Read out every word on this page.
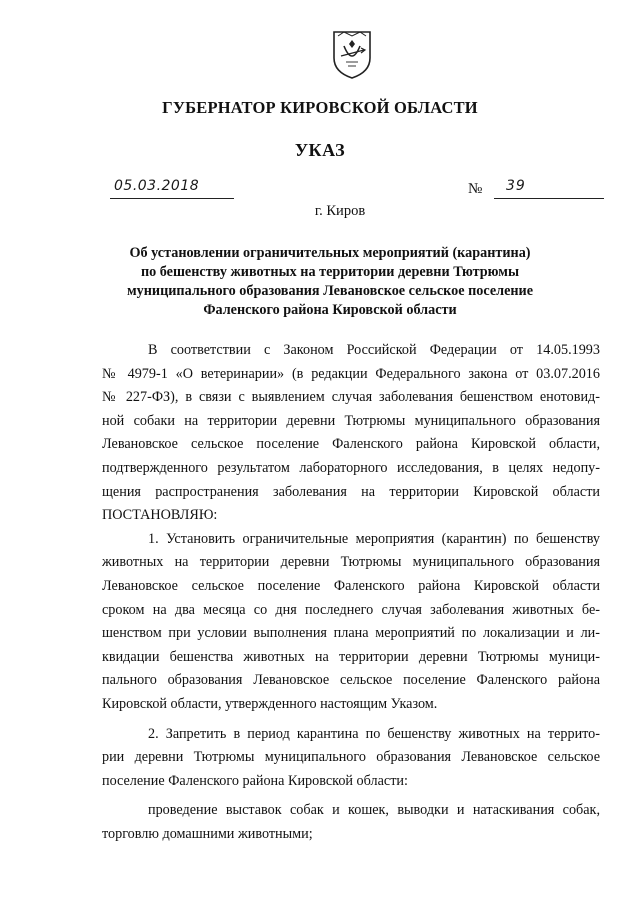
ГУБЕРНАТОР КИРОВСКОЙ ОБЛАСТИ
УКАЗ
05.03.2018	№ 39
г. Киров
Об установлении ограничительных мероприятий (карантина)
по бешенству животных на территории деревни Тютрюмы
муниципального образования Левановское сельское поселение
Фаленского района Кировской области
В соответствии с Законом Российской Федерации от 14.05.1993
№ 4979-1 «О ветеринарии» (в редакции Федерального закона от 03.07.2016
№ 227-ФЗ), в связи с выявлением случая заболевания бешенством енотовид-
ной собаки на территории деревни Тютрюмы муниципального образования
Левановское сельское поселение Фаленского района Кировской области,
подтвержденного результатом лабораторного исследования, в целях недопу-
щения распространения заболевания на территории Кировской области
ПОСТАНОВЛЯЮ:
1. Установить ограничительные мероприятия (карантин) по бешенству
животных на территории деревни Тютрюмы муниципального образования
Левановское сельское поселение Фаленского района Кировской области
сроком на два месяца со дня последнего случая заболевания животных бе-
шенством при условии выполнения плана мероприятий по локализации и ли-
квидации бешенства животных на территории деревни Тютрюмы муници-
пального образования Левановское сельское поселение Фаленского района
Кировской области, утвержденного настоящим Указом.
2. Запретить в период карантина по бешенству животных на террито-
рии деревни Тютрюмы муниципального образования Левановское сельское
поселение Фаленского района Кировской области:
проведение выставок собак и кошек, выводки и натаскивания собак,
торговлю домашними животными;
